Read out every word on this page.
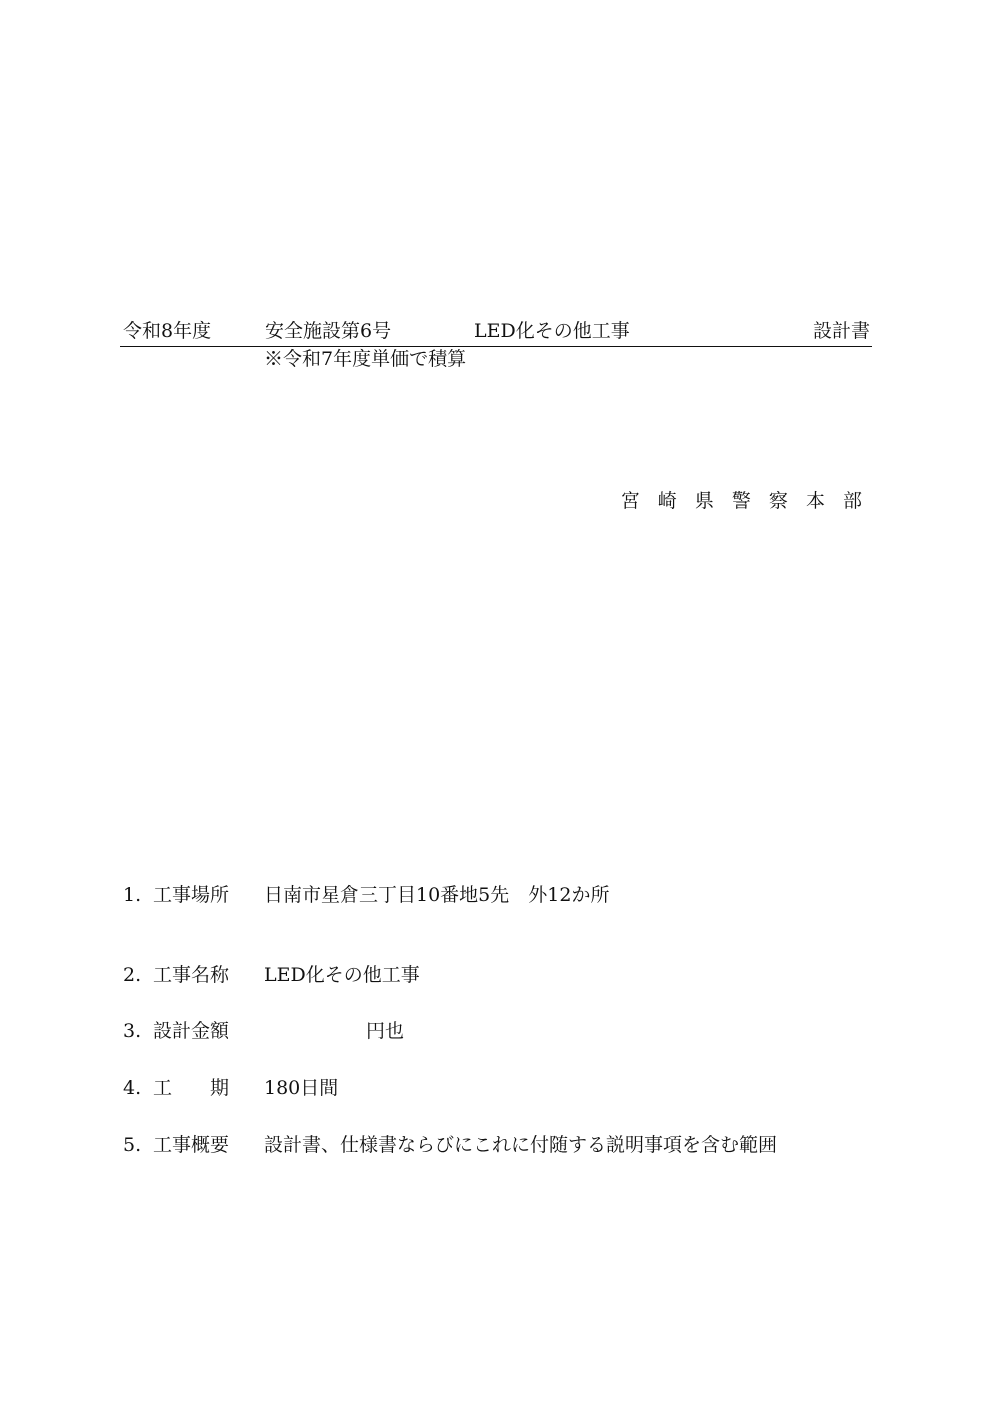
令和8年度	安全施設第6号	LED化その他工事	設計書
※令和7年度単価で積算
宮 崎 県 警 察 本 部
1. 工事場所 日南市星倉三丁目10番地5先　外12か所
2. 工事名称 LED化その他工事
3. 設計金額	円也
4. 工 期 180日間
5. 工事概要 設計書、仕様書ならびにこれに付随する説明事項を含む範囲
